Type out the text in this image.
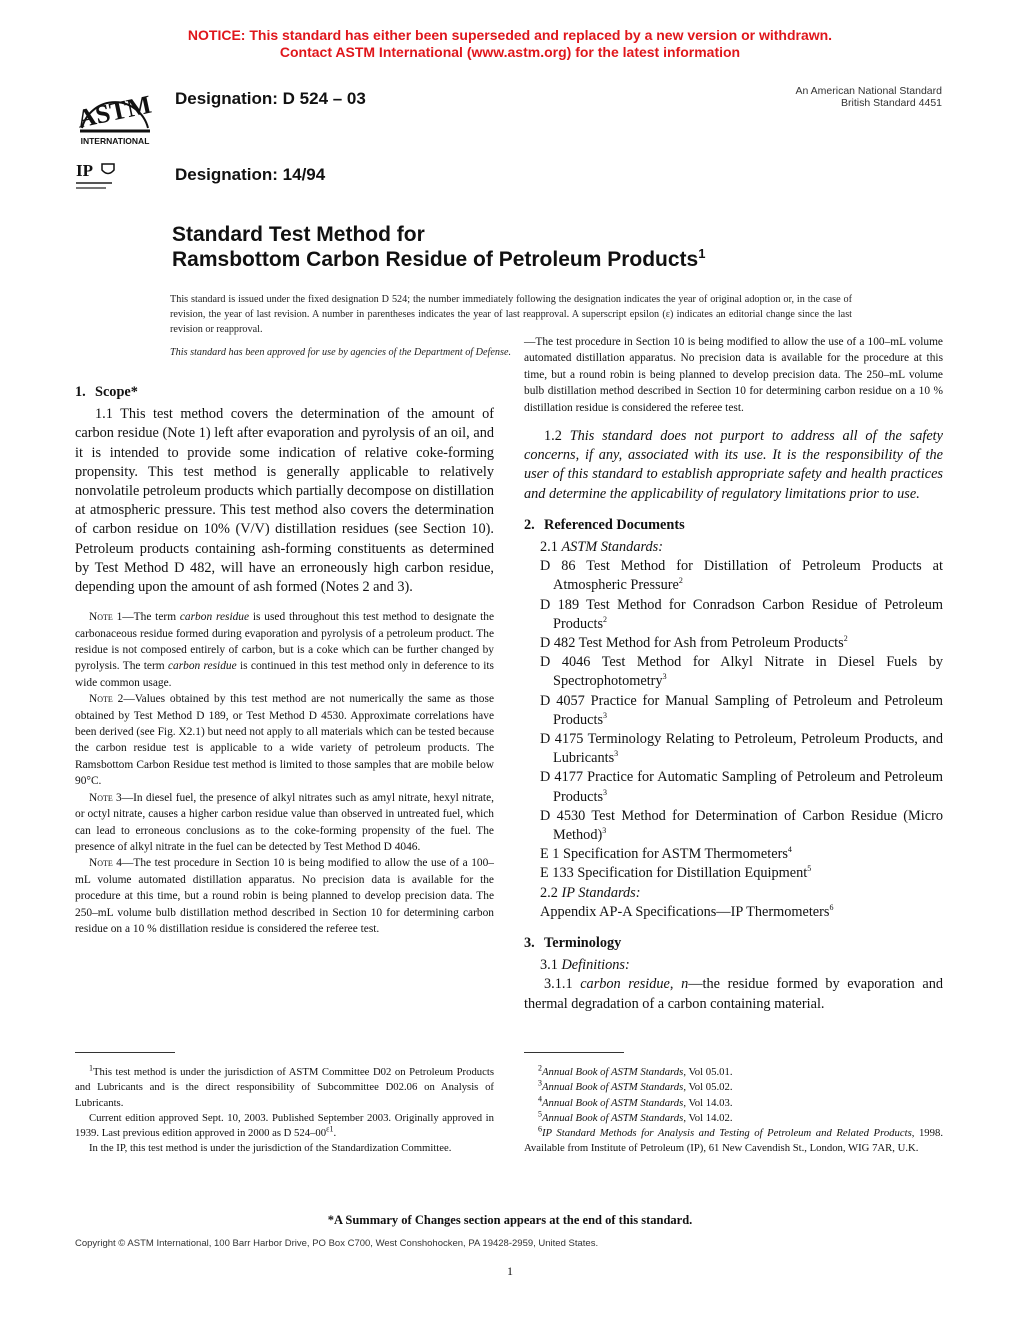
NOTICE: This standard has either been superseded and replaced by a new version or withdrawn.
Contact ASTM International (www.astm.org) for the latest information
ASTM
INTERNATIONAL
IP
Designation: D 524 – 03
Designation: 14/94
An American National Standard
British Standard 4451
Standard Test Method for
Ramsbottom Carbon Residue of Petroleum Products$^1$
This standard is issued under the fixed designation D 524; the number immediately following the designation indicates the year of original adoption or, in the case of revision, the year of last revision. A number in parentheses indicates the year of last reapproval. A superscript epsilon (ε) indicates an editorial change since the last revision or reapproval.
This standard has been approved for use by agencies of the Department of Defense.
1. Scope*

1.1 This test method covers the determination of the amount of carbon residue (Note 1) left after evaporation and pyrolysis of an oil, and it is intended to provide some indication of relative coke-forming propensity. This test method is generally applicable to relatively nonvolatile petroleum products which partially decompose on distillation at atmospheric pressure. This test method also covers the determination of carbon residue on 10% (V/V) distillation residues (see Section 10). Petroleum products containing ash-forming constituents as determined by Test Method D 482, will have an erroneously high carbon residue, depending upon the amount of ash formed (Notes 2 and 3).

Note 1—The term carbon residue is used throughout this test method to designate the carbonaceous residue formed during evaporation and pyrolysis of a petroleum product. The residue is not composed entirely of carbon, but is a coke which can be further changed by pyrolysis. The term carbon residue is continued in this test method only in deference to its wide common usage.

Note 2—Values obtained by this test method are not numerically the same as those obtained by Test Method D 189, or Test Method D 4530. Approximate correlations have been derived (see Fig. X2.1) but need not apply to all materials which can be tested because the carbon residue test is applicable to a wide variety of petroleum products. The Ramsbottom Carbon Residue test method is limited to those samples that are mobile below 90°C.

Note 3—In diesel fuel, the presence of alkyl nitrates such as amyl nitrate, hexyl nitrate, or octyl nitrate, causes a higher carbon residue value than observed in untreated fuel, which can lead to erroneous conclusions as to the coke-forming propensity of the fuel. The presence of alkyl nitrate in the fuel can be detected by Test Method D 4046.

Note 4—The test procedure in Section 10 is being modified to allow the use of a 100–mL volume automated distillation apparatus. No precision data is available for the procedure at this time, but a round robin is being planned to develop precision data. The 250–mL volume bulb distillation method described in Section 10 for determining carbon residue on a 10 % distillation residue is considered the referee test.

$^1$This test method is under the jurisdiction of ASTM Committee D02 on Petroleum Products and Lubricants and is the direct responsibility of Subcommittee D02.06 on Analysis of Lubricants.

Current edition approved Sept. 10, 2003. Published September 2003. Originally approved in 1939. Last previous edition approved in 2000 as D $524-00^{\varepsilon 1}$.

In the IP, this test method is under the jurisdiction of the Standardization Committee.

—The test procedure in Section 10 is being modified to allow the use of a 100–mL volume automated distillation apparatus. No precision data is available for the procedure at this time, but a round robin is being planned to develop precision data. The 250–mL volume bulb distillation method described in Section 10 for determining carbon residue on a 10 % distillation residue is considered the referee test.

1.2 This standard does not purport to address all of the safety concerns, if any, associated with its use. It is the responsibility of the user of this standard to establish appropriate safety and health practices and determine the applicability of regulatory limitations prior to use.

2. Referenced Documents

2.1 ASTM Standards:

D 86 Test Method for Distillation of Petroleum Products at Atmospheric Pressure$^2$

D 189 Test Method for Conradson Carbon Residue of Petroleum Products$^2$

D 482 Test Method for Ash from Petroleum Products$^2$

D 4046 Test Method for Alkyl Nitrate in Diesel Fuels by Spectrophotometry$^3$

D 4057 Practice for Manual Sampling of Petroleum and Petroleum Products$^3$

D 4175 Terminology Relating to Petroleum, Petroleum Products, and Lubricants$^3$

D 4177 Practice for Automatic Sampling of Petroleum and Petroleum Products$^3$

D 4530 Test Method for Determination of Carbon Residue (Micro Method)$^3$

E 1 Specification for ASTM Thermometers$^4$

E 133 Specification for Distillation Equipment$^5$

2.2 IP Standards:

Appendix AP-A Specifications—IP Thermometers$^6$

3. Terminology

3.1 Definitions:

3.1.1 carbon residue, n—the residue formed by evaporation and thermal degradation of a carbon containing material.

$^2$Annual Book of ASTM Standards, Vol 05.01.

$^3$Annual Book of ASTM Standards, Vol 05.02.

$^4$Annual Book of ASTM Standards, Vol 14.03.

$^5$Annual Book of ASTM Standards, Vol 14.02.

$^6$IP Standard Methods for Analysis and Testing of Petroleum and Related Products, 1998. Available from Institute of Petroleum (IP), 61 New Cavendish St., London, WIG 7AR, U.K.

*A Summary of Changes section appears at the end of this standard.
Copyright © ASTM International, 100 Barr Harbor Drive, PO Box C700, West Conshohocken, PA 19428-2959, United States.
1
